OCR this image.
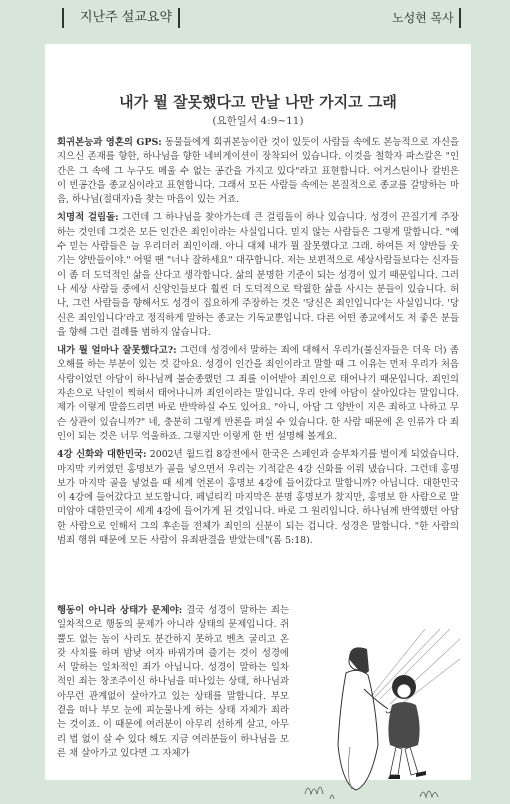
지난주 설교요약	노성현 목사
내가 뭘 잘못했다고 만날 나만 가지고 그래
(요한일서 4:9~11)

회귀본능과 영혼의 GPS: 동물들에게 회귀본능이란 것이 있듯이 사람들 속에도 본능적으로 자신을 지으신 존재를 향한, 하나님을 향한 네비게이션이 장착되어 있습니다. 이것을 철학자 파스칼은 "인간은 그 속에 그 누구도 메울 수 없는 공간을 가지고 있다"라고 표현합니다. 어거스틴이나 칼빈은 이 빈공간을 종교심이라고 표현합니다. 그래서 모든 사람들 속에는 본질적으로 종교를 갈망하는 마음, 하나님(절대자)을 찾는 마음이 있는 거죠.

치명적 걸림돌: 그런데 그 하나님을 찾아가는데 큰 걸림돌이 하나 있습니다. 성경이 끈질기게 주장하는 것인데 그것은 모든 인간은 죄인이라는 사실입니다. 믿지 않는 사람들은 그렇게 말합니다. "예수 믿는 사람들은 늘 우리더러 죄인이래. 아니 대체 내가 뭘 잘못했다고 그래. 하여튼 저 양반들 웃기는 양반들이야." 어떨 땐 "너나 잘하세요" 대꾸합니다. 저는 보편적으로 세상사람들보다는 신자들이 좀 더 도덕적인 삶을 산다고 생각합니다. 삶의 분명한 기준이 되는 성경이 있기 때문입니다. 그러나 세상 사람들 중에서 신앙인들보다 훨씬 더 도덕적으로 탁월한 삶을 사시는 분들이 있습니다. 허나, 그런 사람들을 향해서도 성경이 집요하게 주장하는 것은 '당신은 죄인입니다'는 사실입니다. '당신은 죄인입니다'라고 정직하게 말하는 종교는 기독교뿐입니다. 다른 어떤 종교에서도 저 좋은 분들을 향해 그런 결례를 범하지 않습니다.

내가 뭘 얼마나 잘못했다고?: 그런데 성경에서 말하는 죄에 대해서 우리가(불신자들은 더욱 더) 좀 오해를 하는 부분이 있는 것 같아요. 성경이 인간을 죄인이라고 말할 때 그 이유는 먼저 우리가 처음 사람이었던 아담이 하나님께 불순종했던 그 죄를 이어받아 죄인으로 태어나기 때문입니다. 죄인의 자손으로 낙인이 찍혀서 태어나니까 죄인이라는 말입니다. 우리 안에 아담이 살아있다는 말입니다. 제가 이렇게 말씀드리면 바로 반박하실 수도 있어요. "아니, 아담 그 양반이 지은 죄하고 나하고 무슨 상관이 있습니까?" 네, 충분히 그렇게 반론을 펴실 수 있습니다. 한 사람 때문에 온 인류가 다 죄인이 되는 것은 너무 억울하죠. 그렇지만 이렇게 한 번 설명해 볼게요.

4강 신화와 대한민국: 2002년 월드컵 8강전에서 한국은 스페인과 승부차기를 벌이게 되었습니다. 마지막 키커였던 홍명보가 골을 넣으면서 우리는 기적같은 4강 신화를 이뤄 냈습니다. 그런데 홍명보가 마지막 골을 넣었을 때 세계 언론이 홍명보 4강에 들어갔다고 말합니까? 아닙니다. 대한민국이 4강에 들어갔다고 보도합니다. 페널티킥 마지막은 분명 홍명보가 찼지만, 홍명보 한 사람으로 말미암아 대한민국이 세계 4강에 들어가게 된 것입니다. 바로 그 원리입니다. 하나님께 반역했던 아담 한 사람으로 인해서 그의 후손들 전체가 죄인의 신분이 되는 겁니다. 성경은 말합니다. "한 사람의 범죄 행위 때문에 모든 사람이 유죄판결을 받았는데"(롬 5:18).

행동이 아니라 상태가 문제야: 결국 성경이 말하는 죄는 일차적으로 행동의 문제가 아니라 상태의 문제입니다. 쥐뿔도 없는 놈이 사리도 분간하지 못하고 벤츠 굴리고 온갖 사치를 하며 밤낮 여자 바꿔가며 즐기는 것이 성경에서 말하는 일차적인 죄가 아닙니다. 성경이 말하는 일차적인 죄는 창조주이신 하나님을 떠나있는 상태, 하나님과 아무런 관계없이 살아가고 있는 상태를 말합니다. 부모 곁을 떠나 부모 눈에 피눈물나게 하는 상태 자체가 죄라는 것이죠. 이 때문에 여러분이 아무리 선하게 살고, 아무리 법 없이 살 수 있다 해도 지금 여러분들이 하나님을 모른 채 살아가고 있다면 그 자체가
